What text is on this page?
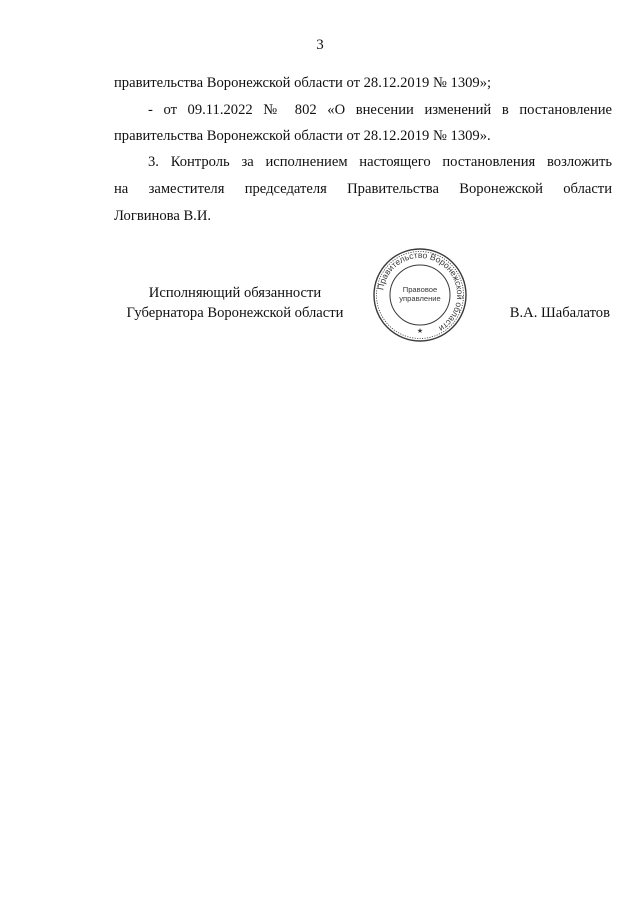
3
правительства Воронежской области от 28.12.2019 № 1309»;
- от 09.11.2022 № 802 «О внесении изменений в постановление
правительства Воронежской области от 28.12.2019 № 1309».
3. Контроль за исполнением настоящего постановления возложить
на заместителя председателя Правительства Воронежской области
Логвинова В.И.
Исполняющий обязанности
Губернатора Воронежской области
Правительство Воронежской области
Правовое
управление
★
В.А. Шабалатов
